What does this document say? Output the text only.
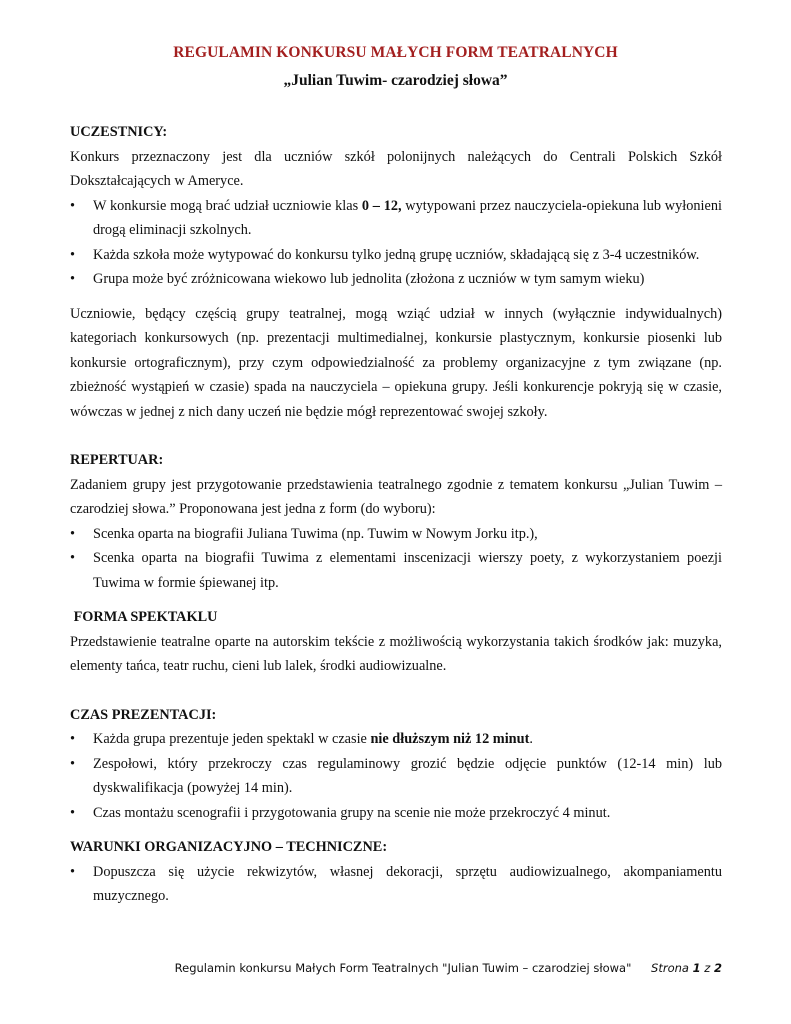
REGULAMIN KONKURSU MAŁYCH FORM TEATRALNYCH
„Julian Tuwim- czarodziej słowa”

UCZESTNICY:

Konkurs przeznaczony jest dla uczniów szkół polonijnych należących do Centrali Polskich Szkół Dokształcających w Ameryce.

•	W konkursie mogą brać udział uczniowie klas 0 – 12, wytypowani przez nauczyciela-opiekuna lub wyłonieni drogą eliminacji szkolnych.
•	Każda szkoła może wytypować do konkursu tylko jedną grupę uczniów, składającą się z 3-4 uczestników.
•	Grupa może być zróżnicowana wiekowo lub jednolita (złożona z uczniów w tym samym wieku)

Uczniowie, będący częścią grupy teatralnej, mogą wziąć udział w innych (wyłącznie indywidualnych) kategoriach konkursowych (np. prezentacji multimedialnej, konkursie plastycznym, konkursie piosenki lub konkursie ortograficznym), przy czym odpowiedzialność za problemy organizacyjne z tym związane (np. zbieżność wystąpień w czasie) spada na nauczyciela – opiekuna grupy. Jeśli konkurencje pokryją się w czasie, wówczas w jednej z nich dany uczeń nie będzie mógł reprezentować swojej szkoły.

REPERTUAR:

Zadaniem grupy jest przygotowanie przedstawienia teatralnego zgodnie z tematem konkursu „Julian Tuwim – czarodziej słowa.” Proponowana jest jedna z form (do wyboru):

•	Scenka oparta na biografii Juliana Tuwima (np. Tuwim w Nowym Jorku itp.),
•	Scenka oparta na biografii Tuwima z elementami inscenizacji wierszy poety, z wykorzystaniem poezji Tuwima w formie śpiewanej itp.

FORMA SPEKTAKLU

Przedstawienie teatralne oparte na autorskim tekście z możliwością wykorzystania takich środków jak: muzyka, elementy tańca, teatr ruchu, cieni lub lalek, środki audiowizualne.

CZAS PREZENTACJI:

•	Każda grupa prezentuje jeden spektakl w czasie nie dłuższym niż 12 minut.
•	Zespołowi, który przekroczy czas regulaminowy grozić będzie odjęcie punktów (12-14 min) lub dyskwalifikacja (powyżej 14 min).
•	Czas montażu scenografii i przygotowania grupy na scenie nie może przekroczyć 4 minut.

WARUNKI ORGANIZACYJNO – TECHNICZNE:

•	Dopuszcza się użycie rekwizytów, własnej dekoracji, sprzętu audiowizualnego, akompaniamentu muzycznego.
Regulamin konkursu Małych Form Teatralnych "Julian Tuwim – czarodziej słowa" Strona 1 z 2
